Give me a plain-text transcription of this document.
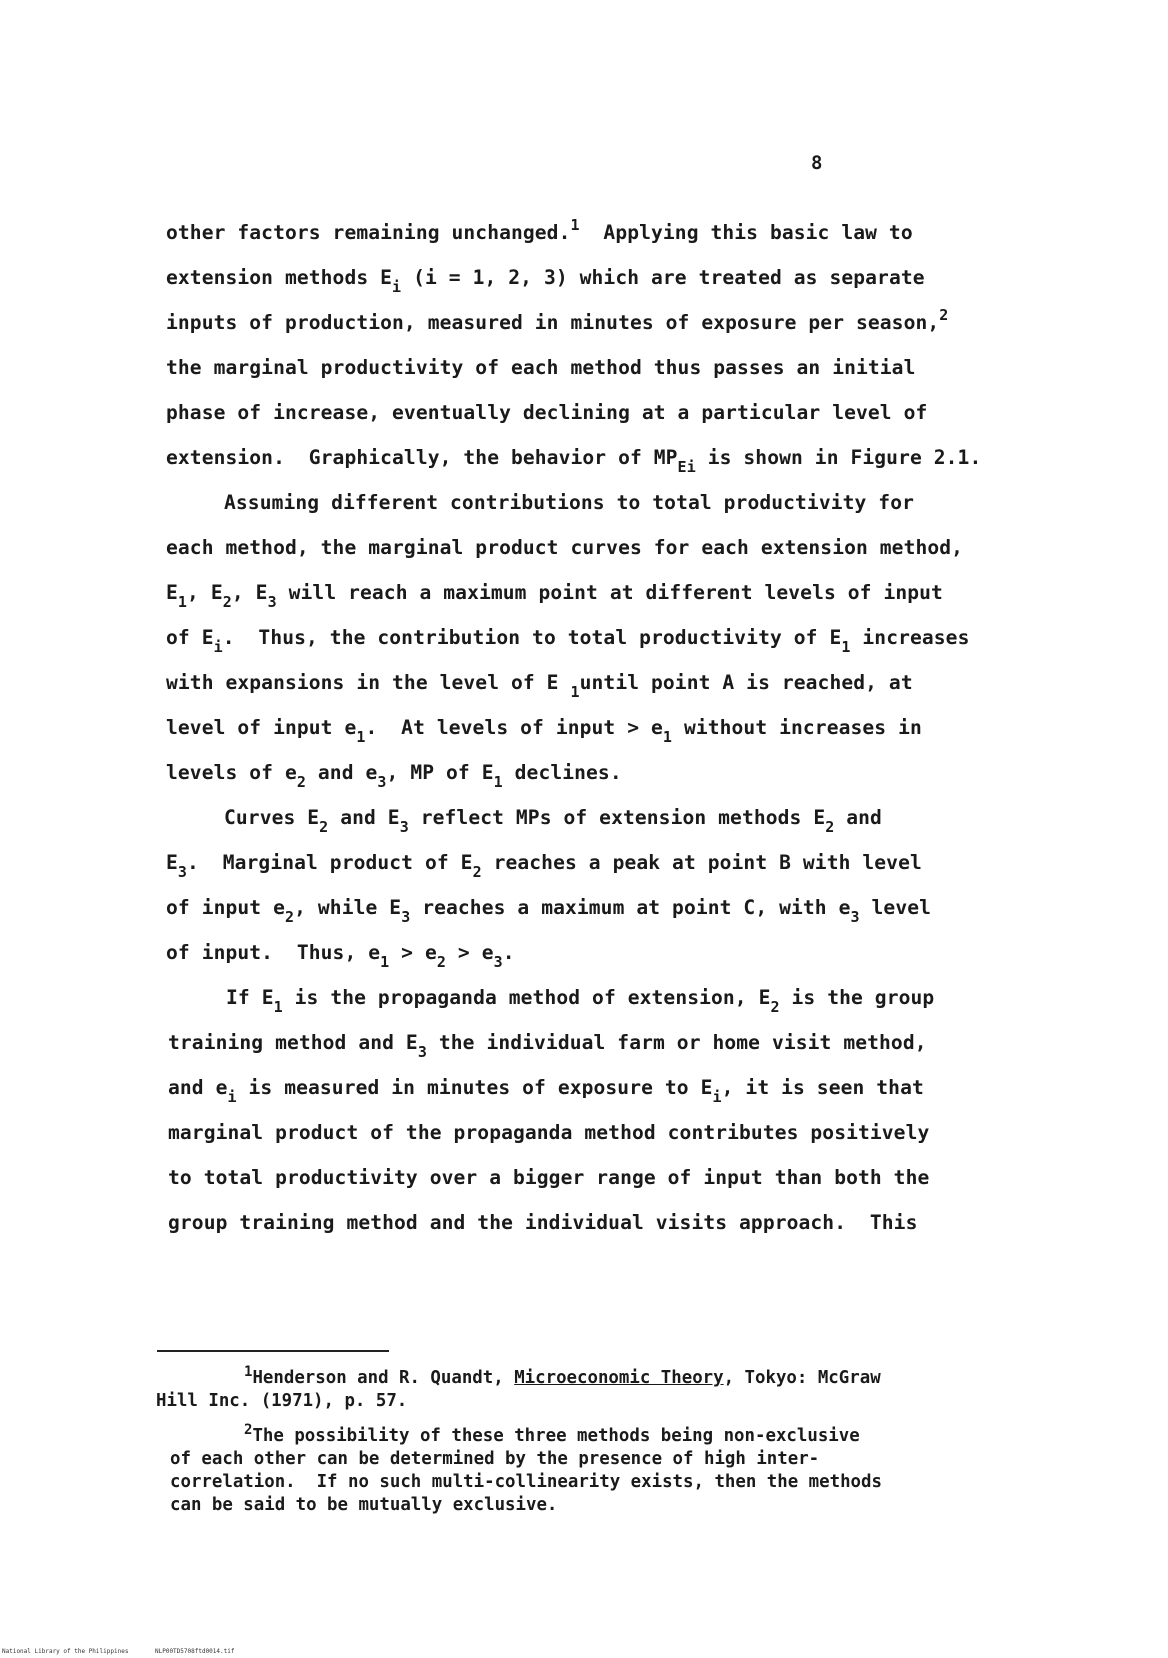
8
other factors remaining unchanged.$^1$  Applying this basic law to
extension methods $E_i$ (i = 1, 2, 3) which are treated as separate
inputs of production, measured in minutes of exposure per season,$^2$
the marginal productivity of each method thus passes an initial
phase of increase, eventually declining at a particular level of
extension.  Graphically, the behavior of $MP_{Ei}$ is shown in Figure 2.1.
Assuming different contributions to total productivity for
each method, the marginal product curves for each extension method,
$E_1$, $E_2$, $E_3$ will reach a maximum point at different levels of input
of $E_i$.  Thus, the contribution to total productivity of $E_1$ increases
with expansions in the level of E $_1$until point A is reached, at
level of input $e_1$.  At levels of input > $e_1$ without increases in
levels of $e_2$ and $e_3$, MP of $E_1$ declines.
Curves $E_2$ and $E_3$ reflect MPs of extension methods $E_2$ and
$E_3$.  Marginal product of $E_2$ reaches a peak at point B with level
of input $e_2$, while $E_3$ reaches a maximum at point C, with $e_3$ level
of input.  Thus, $e_1 > e_2 > e_3$.
If $E_1$ is the propaganda method of extension, $E_2$ is the group
training method and $E_3$ the individual farm or home visit method,
and $e_i$ is measured in minutes of exposure to $E_i$, it is seen that
marginal product of the propaganda method contributes positively
to total productivity over a bigger range of input than both the
group training method and the individual visits approach.  This
$^1$Henderson and R. Quandt, Microeconomic Theory, Tokyo: McGraw
Hill Inc. (1971), p. 57.
$^2$The possibility of these three methods being non-exclusive
of each other can be determined by the presence of high inter-
correlation.  If no such multi-collinearity exists, then the methods
can be said to be mutually exclusive.
National Library of the Philippines	NLP00TD5708ftd0014.tif
